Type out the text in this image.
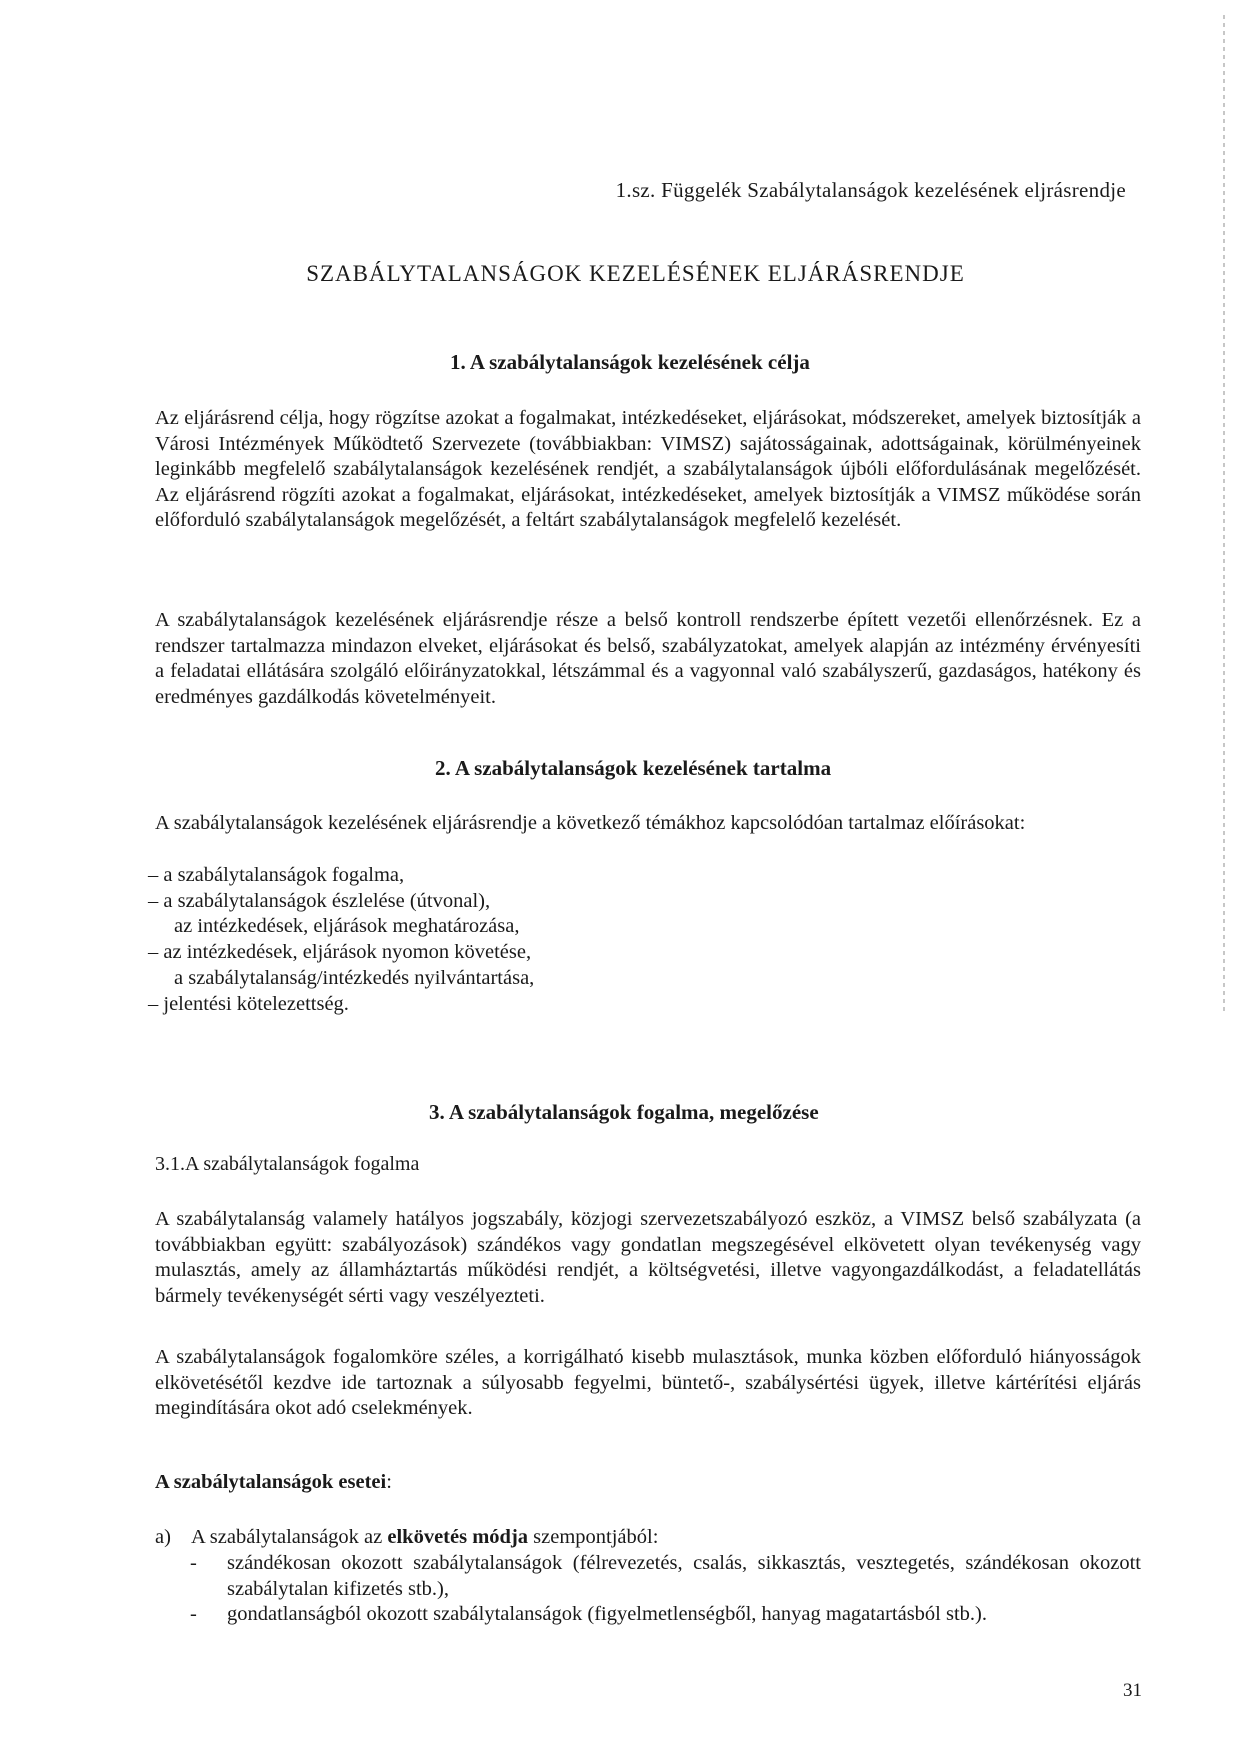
1.sz. Függelék Szabálytalanságok kezelésének eljrásrendje
SZABÁLYTALANSÁGOK KEZELÉSÉNEK ELJÁRÁSRENDJE
1. A szabálytalanságok kezelésének célja

Az eljárásrend célja, hogy rögzítse azokat a fogalmakat, intézkedéseket, eljárásokat, módszereket, amelyek biztosítják a Városi Intézmények Működtető Szervezete (továbbiakban: VIMSZ) sajátosságainak, adottságainak, körülményeinek leginkább megfelelő szabálytalanságok kezelésének rendjét, a szabálytalanságok újbóli előfordulásának megelőzését. Az eljárásrend rögzíti azokat a fogalmakat, eljárásokat, intézkedéseket, amelyek biztosítják a VIMSZ működése során előforduló szabálytalanságok megelőzését, a feltárt szabálytalanságok megfelelő kezelését.

A szabálytalanságok kezelésének eljárásrendje része a belső kontroll rendszerbe épített vezetői ellenőrzésnek. Ez a rendszer tartalmazza mindazon elveket, eljárásokat és belső, szabályzatokat, amelyek alapján az intézmény érvényesíti a feladatai ellátására szolgáló előirányzatokkal, létszámmal és a vagyonnal való szabályszerű, gazdaságos, hatékony és eredményes gazdálkodás követelményeit.

2. A szabálytalanságok kezelésének tartalma

A szabálytalanságok kezelésének eljárásrendje a következő témákhoz kapcsolódóan tartalmaz előírásokat:

– a szabálytalanságok fogalma,
– a szabálytalanságok észlelése (útvonal),
az intézkedések, eljárások meghatározása,
– az intézkedések, eljárások nyomon követése,
a szabálytalanság/intézkedés nyilvántartása,
– jelentési kötelezettség.
3. A szabálytalanságok fogalma, megelőzése
3.1.A szabálytalanságok fogalma

A szabálytalanság valamely hatályos jogszabály, közjogi szervezetszabályozó eszköz, a VIMSZ belső szabályzata (a továbbiakban együtt: szabályozások) szándékos vagy gondatlan megszegésével elkövetett olyan tevékenység vagy mulasztás, amely az államháztartás működési rendjét, a költségvetési, illetve vagyongazdálkodást, a feladatellátás bármely tevékenységét sérti vagy veszélyezteti.

A szabálytalanságok fogalomköre széles, a korrigálható kisebb mulasztások, munka közben előforduló hiányosságok elkövetésétől kezdve ide tartoznak a súlyosabb fegyelmi, büntető-, szabálysértési ügyek, illetve kártérítési eljárás megindítására okot adó cselekmények.

A szabálytalanságok esetei:
a) A szabálytalanságok az elkövetés módja szempontjából:
- szándékosan okozott szabálytalanságok (félrevezetés, csalás, sikkasztás, vesztegetés, szándékosan okozott szabálytalan kifizetés stb.),
- gondatlanságból okozott szabálytalanságok (figyelmetlenségből, hanyag magatartásból stb.).
31
